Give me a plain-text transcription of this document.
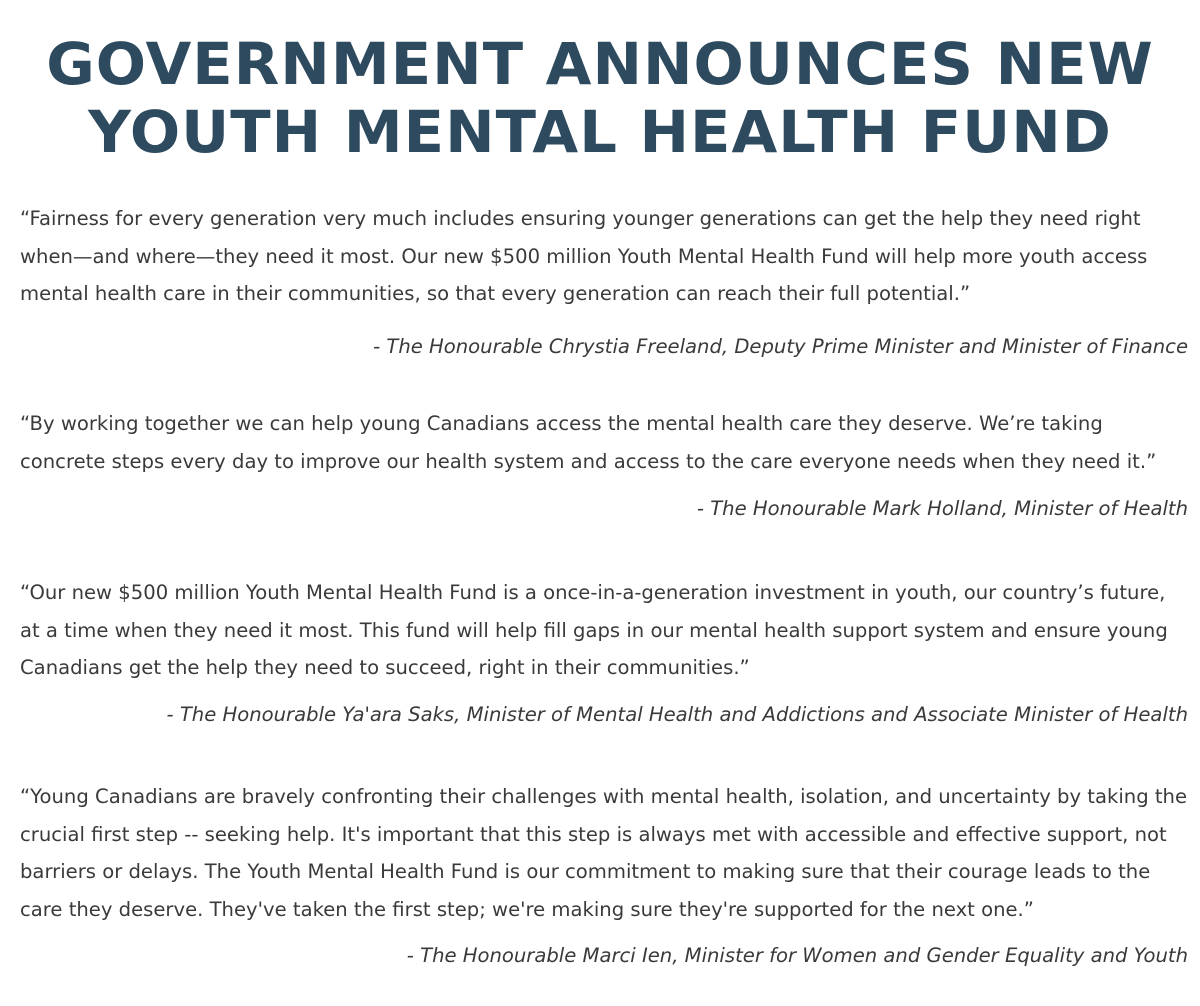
GOVERNMENT ANNOUNCES NEW
YOUTH MENTAL HEALTH FUND

“Fairness for every generation very much includes ensuring younger generations can get the help they need right when—and where—they need it most. Our new $500 million Youth Mental Health Fund will help more youth access mental health care in their communities, so that every generation can reach their full potential.”

- The Honourable Chrystia Freeland, Deputy Prime Minister and Minister of Finance

“By working together we can help young Canadians access the mental health care they deserve. We’re taking concrete steps every day to improve our health system and access to the care everyone needs when they need it.”

- The Honourable Mark Holland, Minister of Health

“Our new $500 million Youth Mental Health Fund is a once-in-a-generation investment in youth, our country’s future, at a time when they need it most. This fund will help fill gaps in our mental health support system and ensure young Canadians get the help they need to succeed, right in their communities.”

- The Honourable Ya'ara Saks, Minister of Mental Health and Addictions and Associate Minister of Health

“Young Canadians are bravely confronting their challenges with mental health, isolation, and uncertainty by taking the crucial first step -- seeking help. It's important that this step is always met with accessible and effective support, not barriers or delays. The Youth Mental Health Fund is our commitment to making sure that their courage leads to the care they deserve. They've taken the first step; we're making sure they're supported for the next one.”

- The Honourable Marci Ien, Minister for Women and Gender Equality and Youth
